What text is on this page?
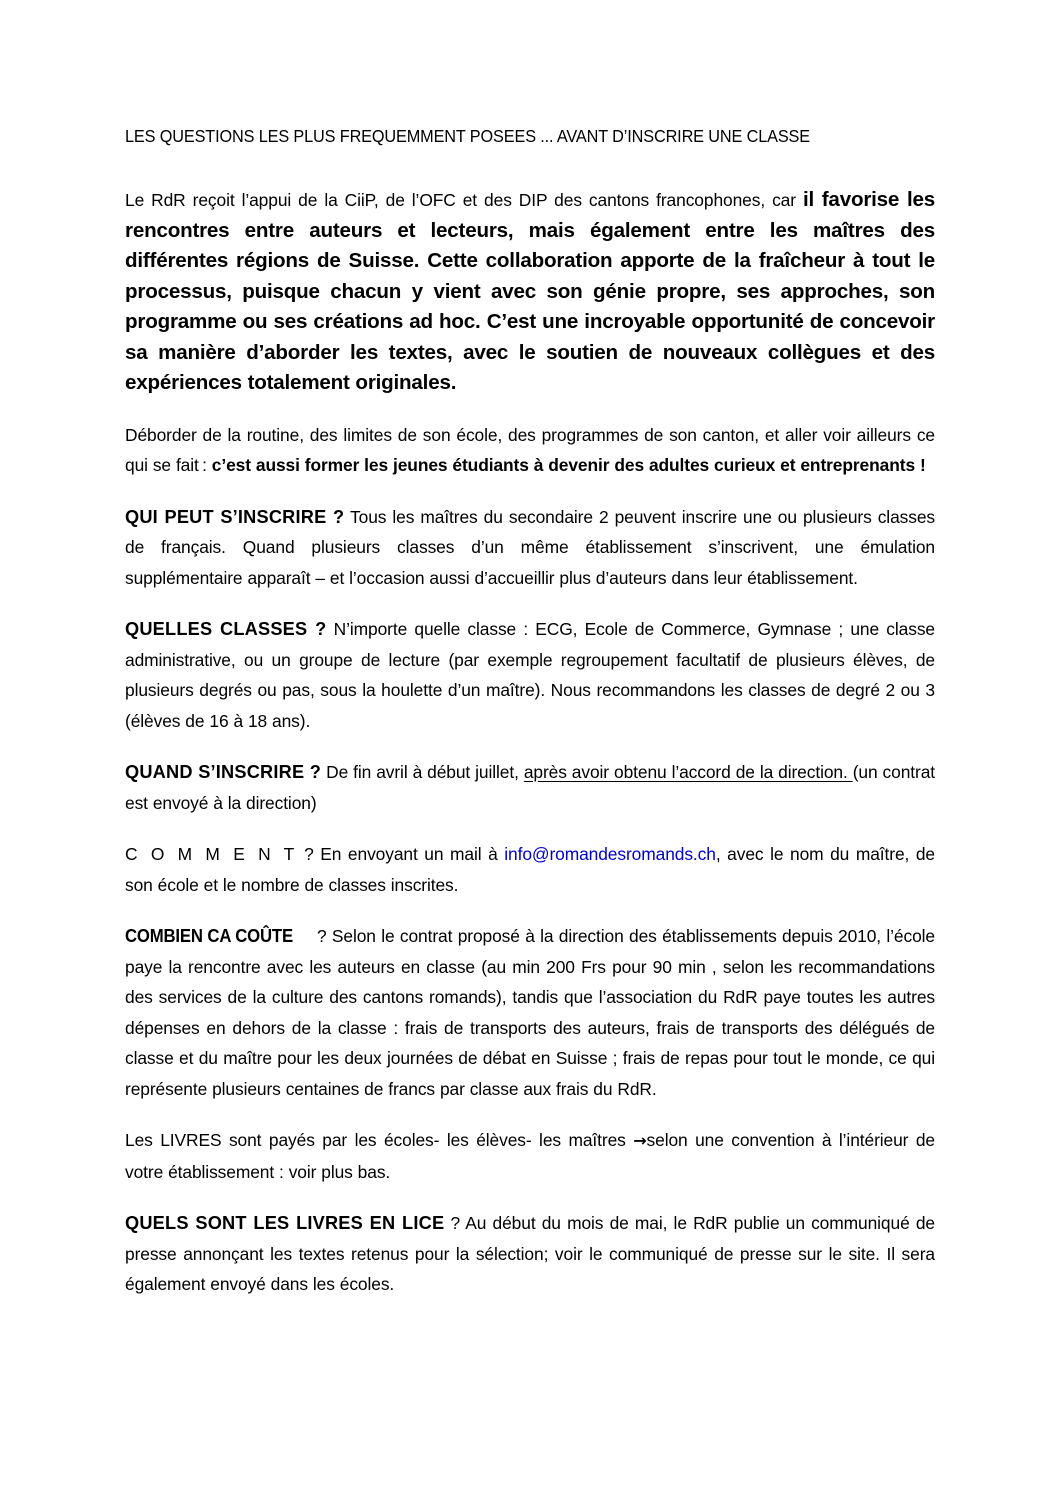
LES QUESTIONS LES PLUS FREQUEMMENT POSEES ... AVANT D’INSCRIRE UNE CLASSE

Le RdR reçoit l’appui de la CiiP, de l’OFC et des DIP des cantons francophones, car il favorise les rencontres entre auteurs et lecteurs, mais également entre les maîtres des différentes régions de Suisse. Cette collaboration apporte de la fraîcheur à tout le processus, puisque chacun y vient avec son génie propre, ses approches, son programme ou ses créations ad hoc. C’est une incroyable opportunité de concevoir sa manière d’aborder les textes, avec le soutien de nouveaux collègues et des expériences totalement originales.

Déborder de la routine, des limites de son école, des programmes de son canton, et aller voir ailleurs ce qui se fait : c’est aussi former les jeunes étudiants à devenir des adultes curieux et entreprenants !

QUI PEUT S’INSCRIRE ? Tous les maîtres du secondaire 2 peuvent inscrire une ou plusieurs classes de français. Quand plusieurs classes d’un même établissement s’inscrivent, une émulation supplémentaire apparaît – et l’occasion aussi d’accueillir plus d’auteurs dans leur établissement.

QUELLES CLASSES ? N’importe quelle classe : ECG, Ecole de Commerce, Gymnase ; une classe administrative, ou un groupe de lecture (par exemple regroupement facultatif de plusieurs élèves, de plusieurs degrés ou pas, sous la houlette d’un maître). Nous recommandons les classes de degré 2 ou 3 (élèves de 16 à 18 ans).

QUAND S’INSCRIRE ? De fin avril à début juillet, après avoir obtenu l’accord de la direction. (un contrat est envoyé à la direction)

C O M M E N T ? En envoyant un mail à info@romandesromands.ch, avec le nom du maître, de son école et le nombre de classes inscrites.

COMBIEN CA COÛTE ? Selon le contrat proposé à la direction des établissements depuis 2010, l’école paye la rencontre avec les auteurs en classe (au min 200 Frs pour 90 min , selon les recommandations des services de la culture des cantons romands), tandis que l’association du RdR paye toutes les autres dépenses en dehors de la classe : frais de transports des auteurs, frais de transports des délégués de classe et du maître pour les deux journées de débat en Suisse ; frais de repas pour tout le monde, ce qui représente plusieurs centaines de francs par classe aux frais du RdR.

Les LIVRES sont payés par les écoles- les élèves- les maîtres →selon une convention à l’intérieur de votre établissement : voir plus bas.

QUELS SONT LES LIVRES EN LICE ? Au début du mois de mai, le RdR publie un communiqué de presse annonçant les textes retenus pour la sélection; voir le communiqué de presse sur le site. Il sera également envoyé dans les écoles.
